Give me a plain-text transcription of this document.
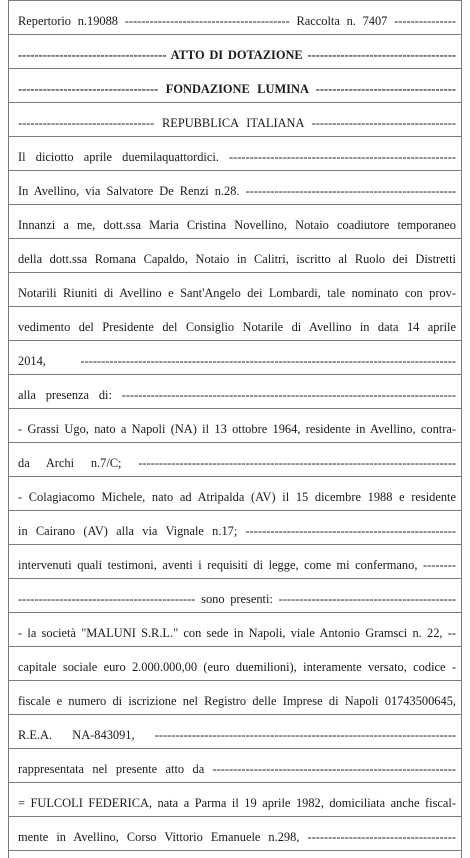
Repertorio n.19088 ---------------------------------------- Raccolta n. 7407 ---------------
------------------------------------ ATTO DI DOTAZIONE ------------------------------------
---------------------------------- FONDAZIONE LUMINA ----------------------------------
--------------------------------- REPUBBLICA ITALIANA -----------------------------------
Il diciotto aprile duemilaquattordici. -------------------------------------------------------
In Avellino, via Salvatore De Renzi n.28. ---------------------------------------------------
Innanzi a me, dott.ssa Maria Cristina Novellino, Notaio coadiutore temporaneo
della dott.ssa Romana Capaldo, Notaio in Calitri, iscritto al Ruolo dei Distretti
Notarili Riuniti di Avellino e Sant'Angelo dei Lombardi, tale nominato con prov-
vedimento del Presidente del Consiglio Notarile di Avellino in data 14 aprile
2014, -------------------------------------------------------------------------------------------
alla presenza di: ---------------------------------------------------------------------------------
- Grassi Ugo, nato a Napoli (NA) il 13 ottobre 1964, residente in Avellino, contra-
da Archi n.7/C; -----------------------------------------------------------------------------
- Colagiacomo Michele, nato ad Atripalda (AV) il 15 dicembre 1988 e residente
in Cairano (AV) alla via Vignale n.17; ---------------------------------------------------
intervenuti quali testimoni, aventi i requisiti di legge, come mi confermano, --------
------------------------------------------- sono presenti: -------------------------------------------
- la società "MALUNI S.R.L." con sede in Napoli, viale Antonio Gramsci n. 22, --
capitale sociale euro 2.000.000,00 (euro duemilioni), interamente versato, codice -
fiscale e numero di iscrizione nel Registro delle Imprese di Napoli 01743500645,
R.E.A. NA-843091, -------------------------------------------------------------------------
rappresentata nel presente atto da -----------------------------------------------------------
= FULCOLI FEDERICA, nata a Parma il 19 aprile 1982, domiciliata anche fiscal-
mente in Avellino, Corso Vittorio Emanuele n.298, ------------------------------------
